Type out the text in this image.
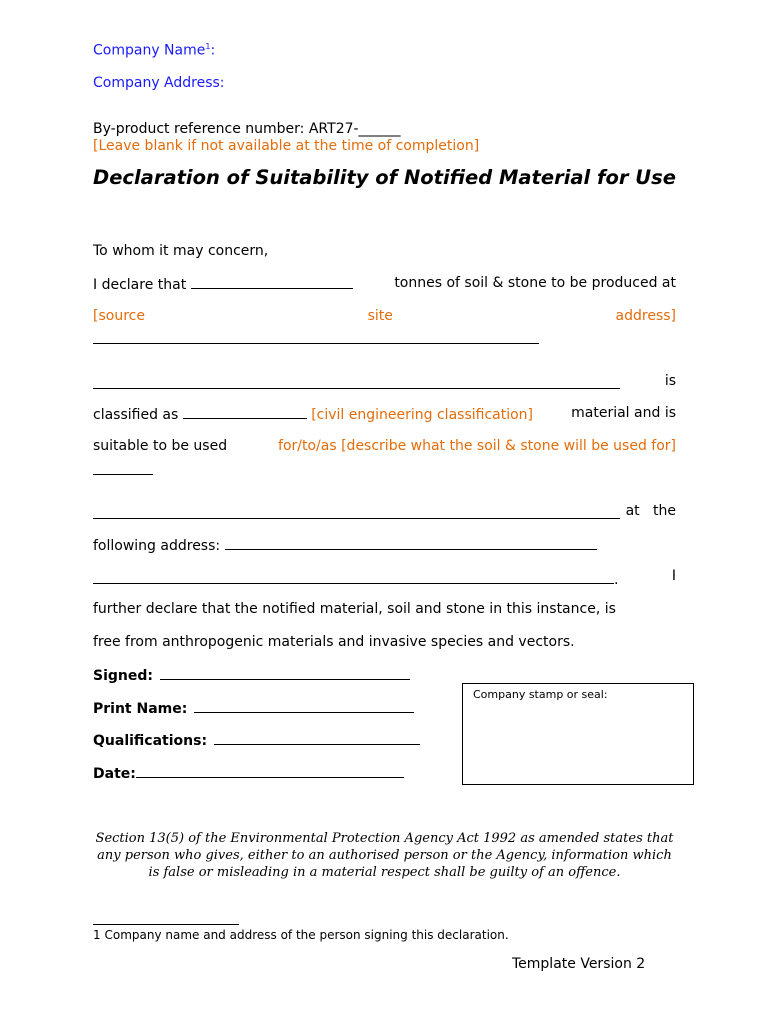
Company Name$^1$:
Company Address:
By-product reference number: ART27-______
[Leave blank if not available at the time of completion]
Declaration of Suitability of Notified Material for Use
To whom it may concern,
I declare that	tonnes of soil & stone to be produced at
[source	site	address]
is
classified as	[civil engineering classification]	material and is
suitable to be used	for/to/as [describe what the soil & stone will be used for]
at   the
following address:
.	I
further declare that the notified material, soil and stone in this instance, is
free from anthropogenic materials and invasive species and vectors.
Signed:
Print Name:
Qualifications:
Date:
Company stamp or seal:
Section 13(5) of the Environmental Protection Agency Act 1992 as amended states that any person who gives, either to an authorised person or the Agency, information which is false or misleading in a material respect shall be guilty of an offence.
1 Company name and address of the person signing this declaration.
Template Version 2
